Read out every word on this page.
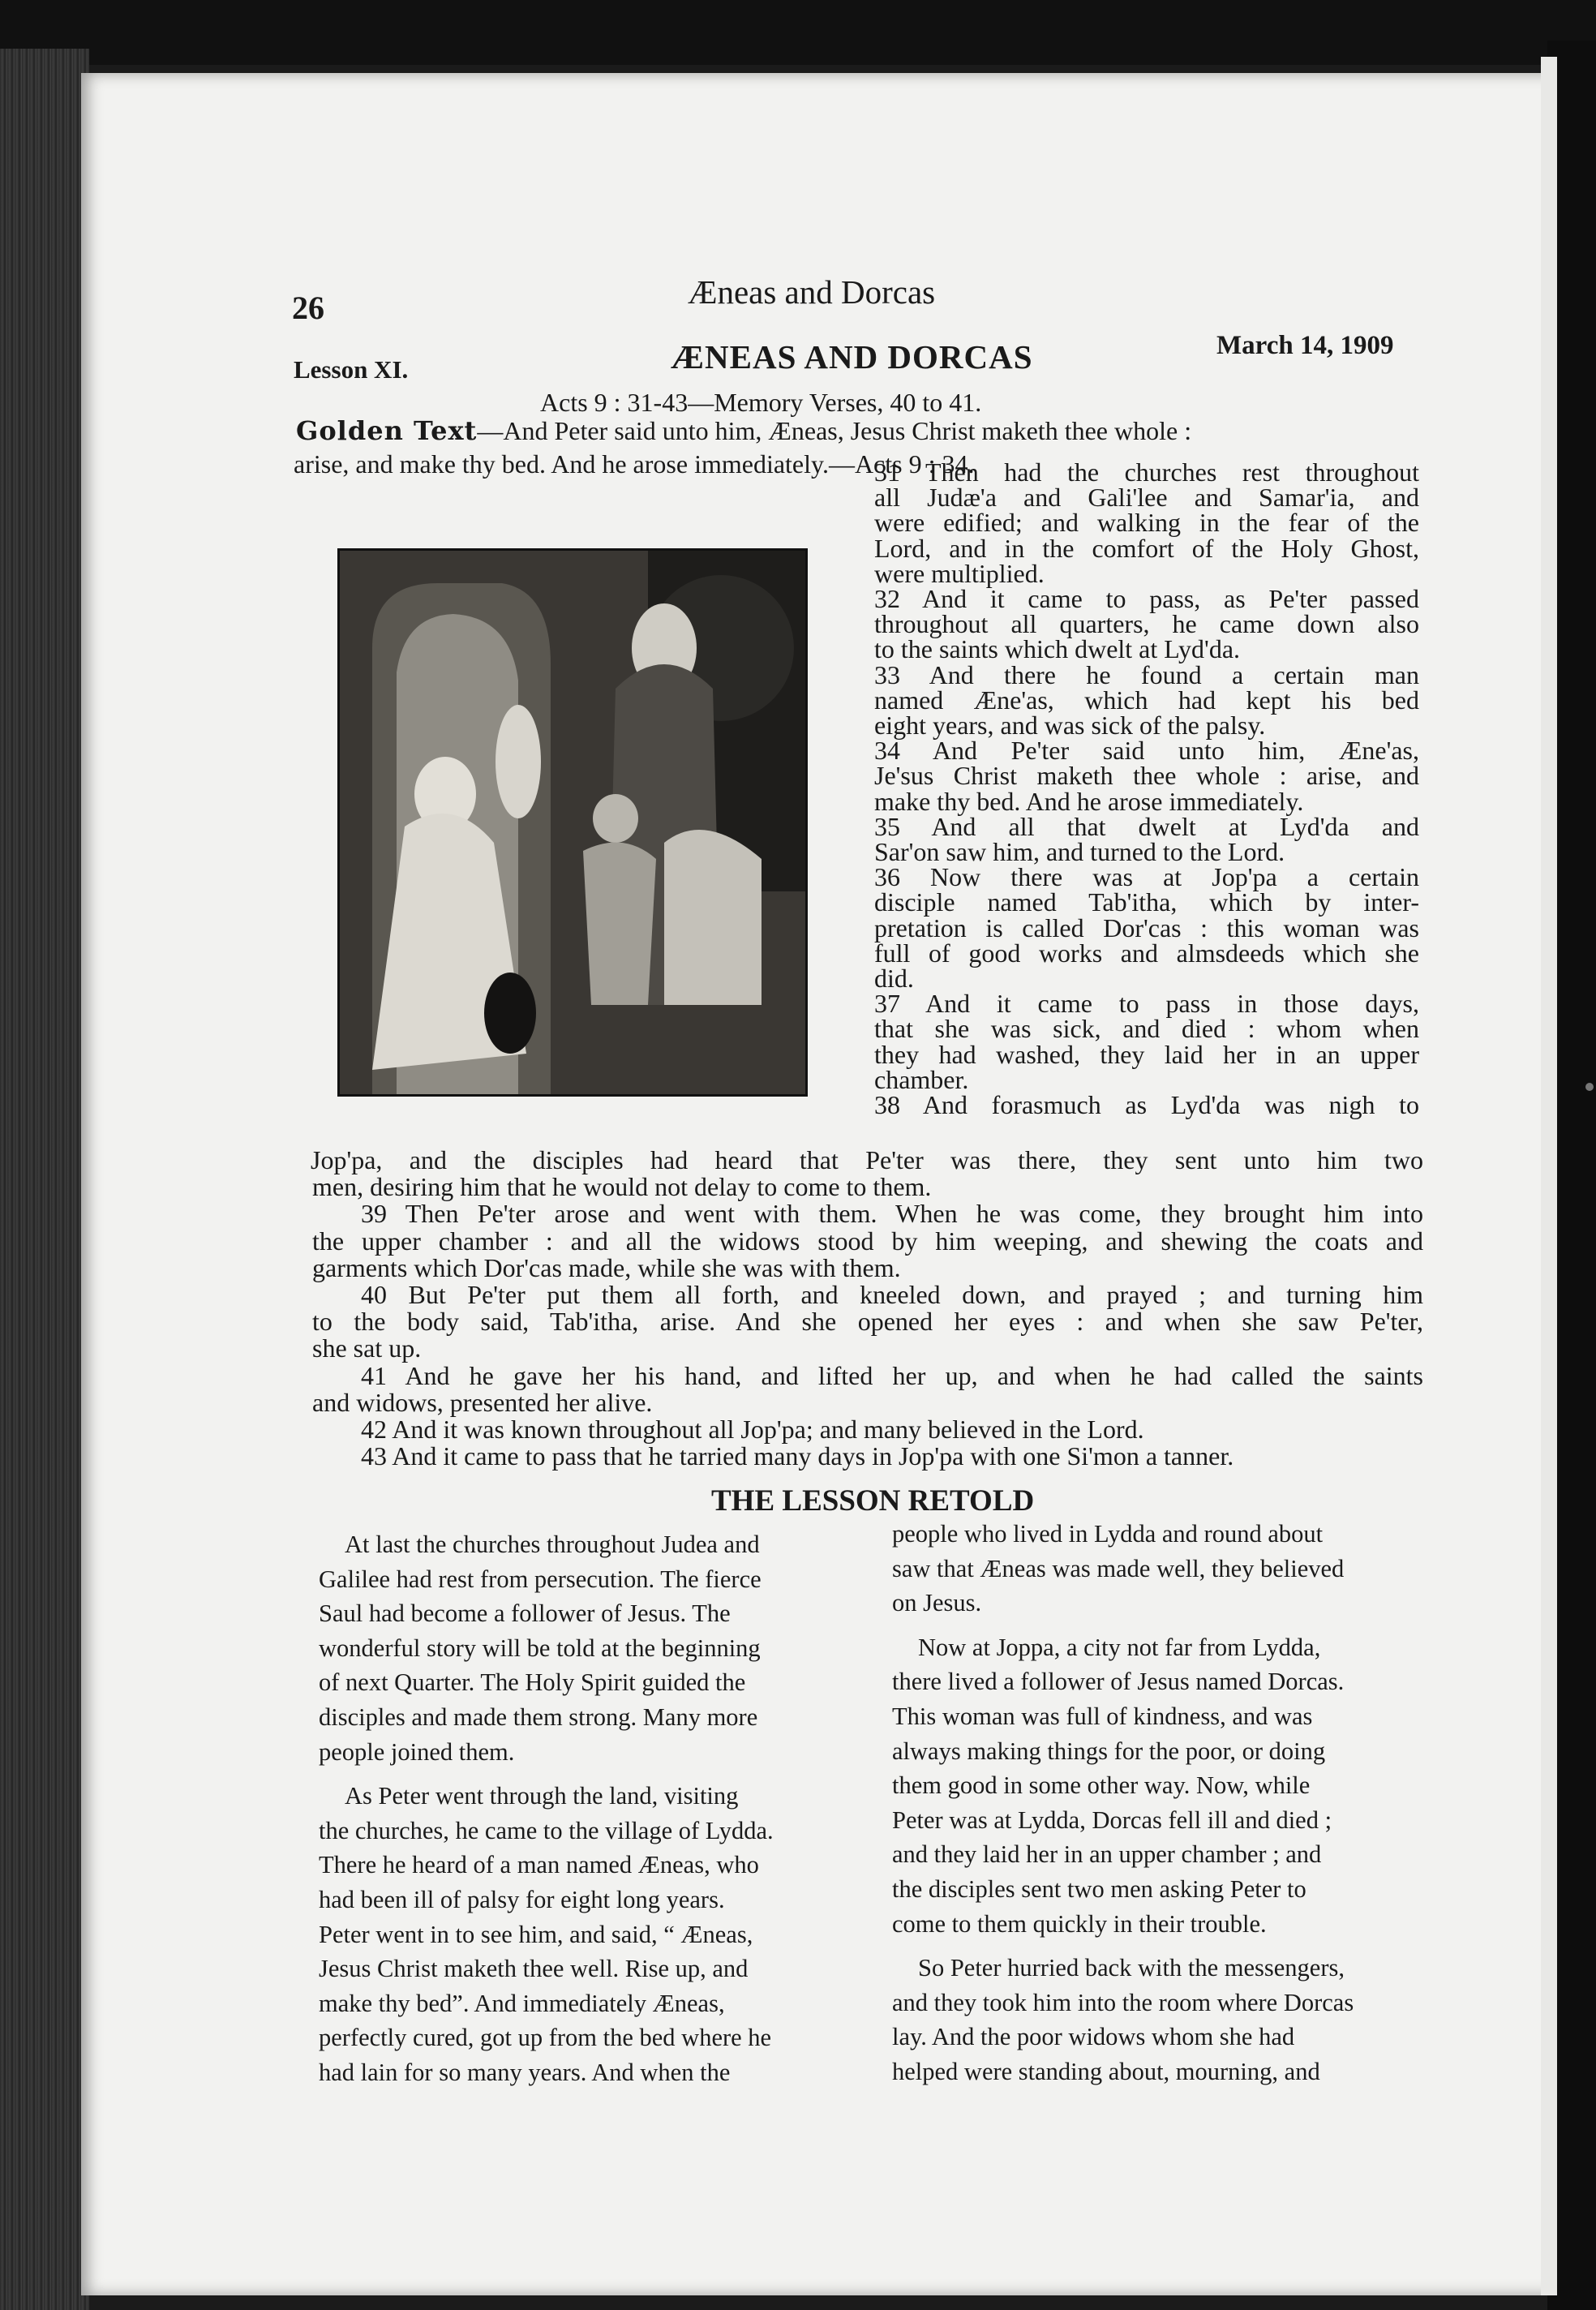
26	Æneas and Dorcas
Lesson XI.	ÆNEAS AND DORCAS	March 14, 1909
Acts 9 : 31-43—Memory Verses, 40 to 41.
Golden Text—And Peter said unto him, Æneas, Jesus Christ maketh thee whole :
arise, and make thy bed. And he arose immediately.—Acts 9 : 34.
31 Then had the churches rest throughout
all Judæ'a and Gali'lee and Samar'ia, and
were edified; and walking in the fear of the
Lord, and in the comfort of the Holy Ghost,
were multiplied.
32 And it came to pass, as Pe'ter passed
throughout all quarters, he came down also
to the saints which dwelt at Lyd'da.
33 And there he found a certain man
named Æne'as, which had kept his bed
eight years, and was sick of the palsy.
34 And Pe'ter said unto him, Æne'as,
Je'sus Christ maketh thee whole : arise, and
make thy bed. And he arose immediately.
35 And all that dwelt at Lyd'da and
Sar'on saw him, and turned to the Lord.
36 Now there was at Jop'pa a certain
disciple named Tab'itha, which by inter-
pretation is called Dor'cas : this woman was
full of good works and almsdeeds which she
did.
37 And it came to pass in those days,
that she was sick, and died : whom when
they had washed, they laid her in an upper
chamber.
38 And forasmuch as Lyd'da was nigh to
Jop'pa, and the disciples had heard that Pe'ter was there, they sent unto him two
men, desiring him that he would not delay to come to them.
39 Then Pe'ter arose and went with them. When he was come, they brought him into
the upper chamber : and all the widows stood by him weeping, and shewing the coats and
garments which Dor'cas made, while she was with them.
40 But Pe'ter put them all forth, and kneeled down, and prayed ; and turning him
to the body said, Tab'itha, arise. And she opened her eyes : and when she saw Pe'ter,
she sat up.
41 And he gave her his hand, and lifted her up, and when he had called the saints
and widows, presented her alive.
42 And it was known throughout all Jop'pa; and many believed in the Lord.
43 And it came to pass that he tarried many days in Jop'pa with one Si'mon a tanner.
THE LESSON RETOLD
At last the churches throughout Judea and
Galilee had rest from persecution. The fierce
Saul had become a follower of Jesus. The
wonderful story will be told at the beginning
of next Quarter. The Holy Spirit guided the
disciples and made them strong. Many more
people joined them.
As Peter went through the land, visiting
the churches, he came to the village of Lydda.
There he heard of a man named Æneas, who
had been ill of palsy for eight long years.
Peter went in to see him, and said, “ Æneas,
Jesus Christ maketh thee well. Rise up, and
make thy bed”. And immediately Æneas,
perfectly cured, got up from the bed where he
had lain for so many years. And when the
people who lived in Lydda and round about
saw that Æneas was made well, they believed
on Jesus.
Now at Joppa, a city not far from Lydda,
there lived a follower of Jesus named Dorcas.
This woman was full of kindness, and was
always making things for the poor, or doing
them good in some other way. Now, while
Peter was at Lydda, Dorcas fell ill and died ;
and they laid her in an upper chamber ; and
the disciples sent two men asking Peter to
come to them quickly in their trouble.
So Peter hurried back with the messengers,
and they took him into the room where Dorcas
lay. And the poor widows whom she had
helped were standing about, mourning, and
